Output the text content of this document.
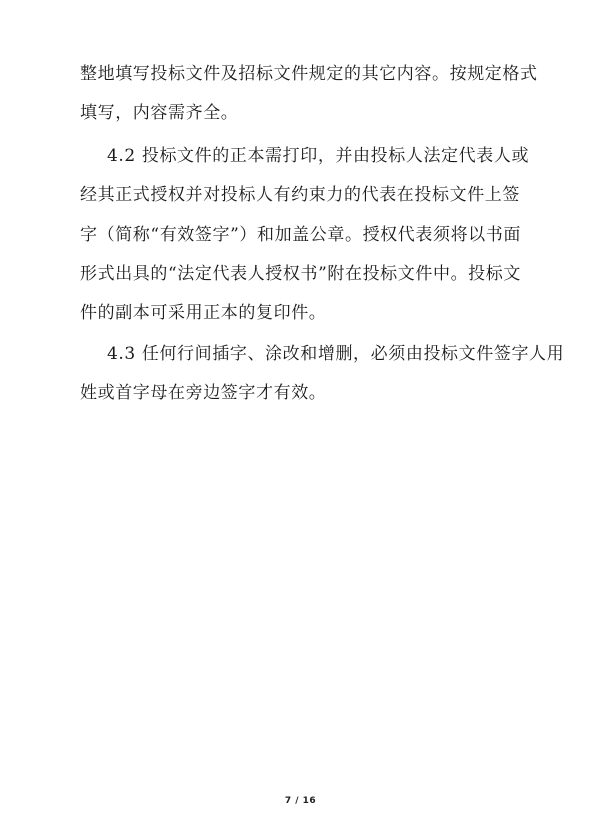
整地填写投标文件及招标文件规定的其它内容。按规定格式
填写，内容需齐全。
4.2 投标文件的正本需打印，并由投标人法定代表人或
经其正式授权并对投标人有约束力的代表在投标文件上签
字（简称“有效签字”）和加盖公章。授权代表须将以书面
形式出具的“法定代表人授权书”附在投标文件中。投标文
件的副本可采用正本的复印件。
4.3 任何行间插字、涂改和增删，必须由投标文件签字人用
姓或首字母在旁边签字才有效。
7 / 16
